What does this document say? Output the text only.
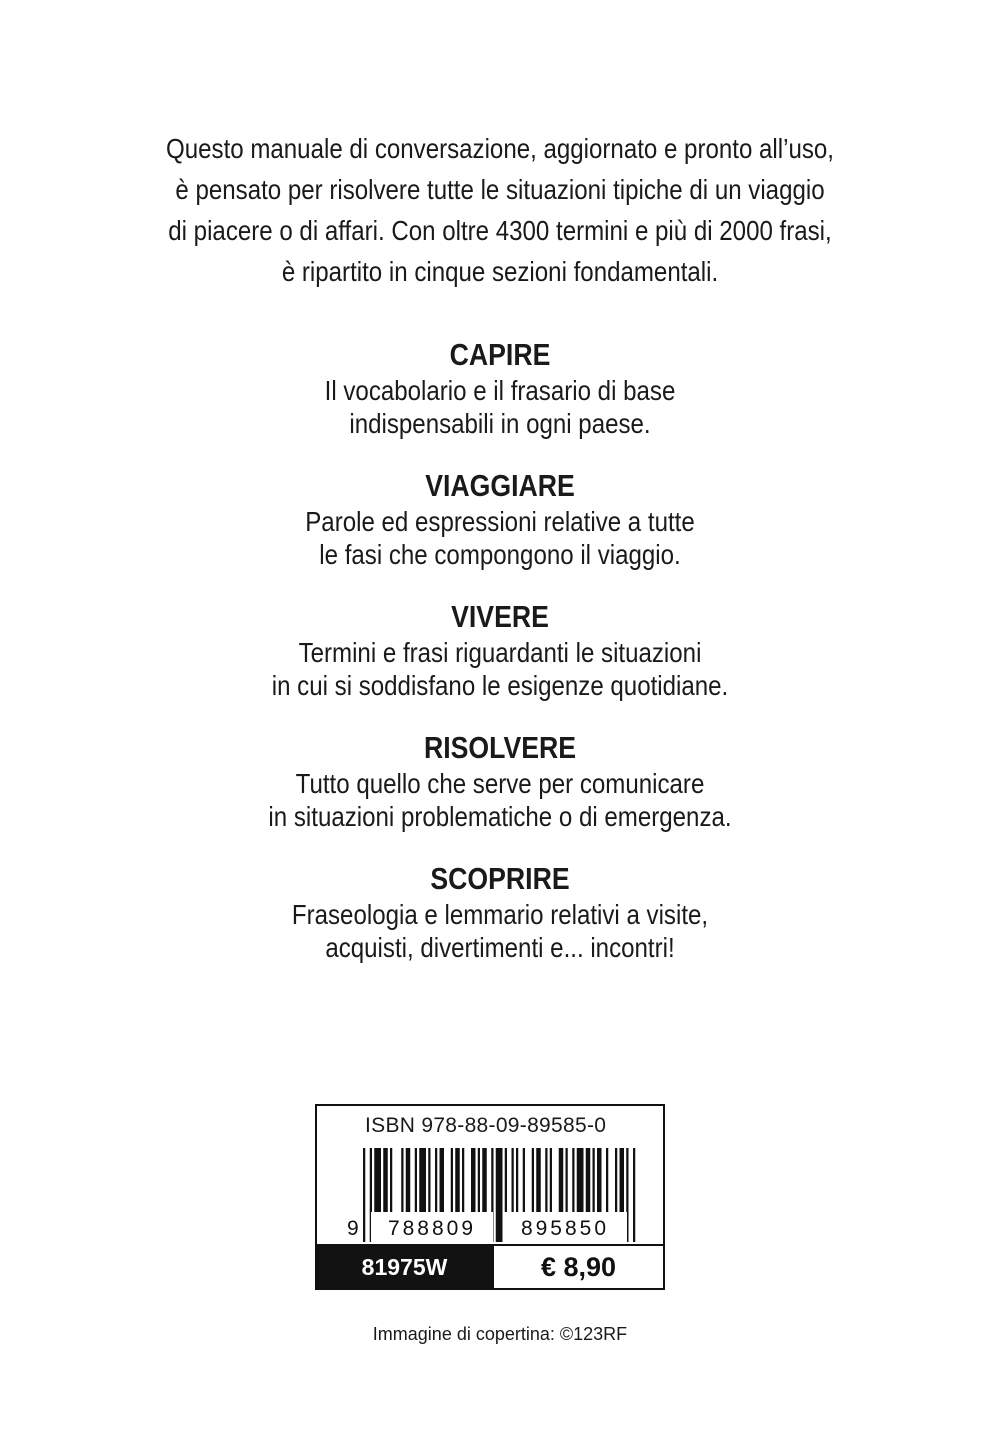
Questo manuale di conversazione, aggiornato e pronto all’uso,
è pensato per risolvere tutte le situazioni tipiche di un viaggio
di piacere o di affari. Con oltre 4300 termini e più di 2000 frasi,
è ripartito in cinque sezioni fondamentali.
CAPIRE
Il vocabolario e il frasario di base
indispensabili in ogni paese.
VIAGGIARE
Parole ed espressioni relative a tutte
le fasi che compongono il viaggio.
VIVERE
Termini e frasi riguardanti le situazioni
in cui si soddisfano le esigenze quotidiane.
RISOLVERE
Tutto quello che serve per comunicare
in situazioni problematiche o di emergenza.
SCOPRIRE
Fraseologia e lemmario relativi a visite,
acquisti, divertimenti e... incontri!
ISBN 978-88-09-89585-0
9 788809 895850
81975W	€ 8,90
Immagine di copertina: ©123RF
